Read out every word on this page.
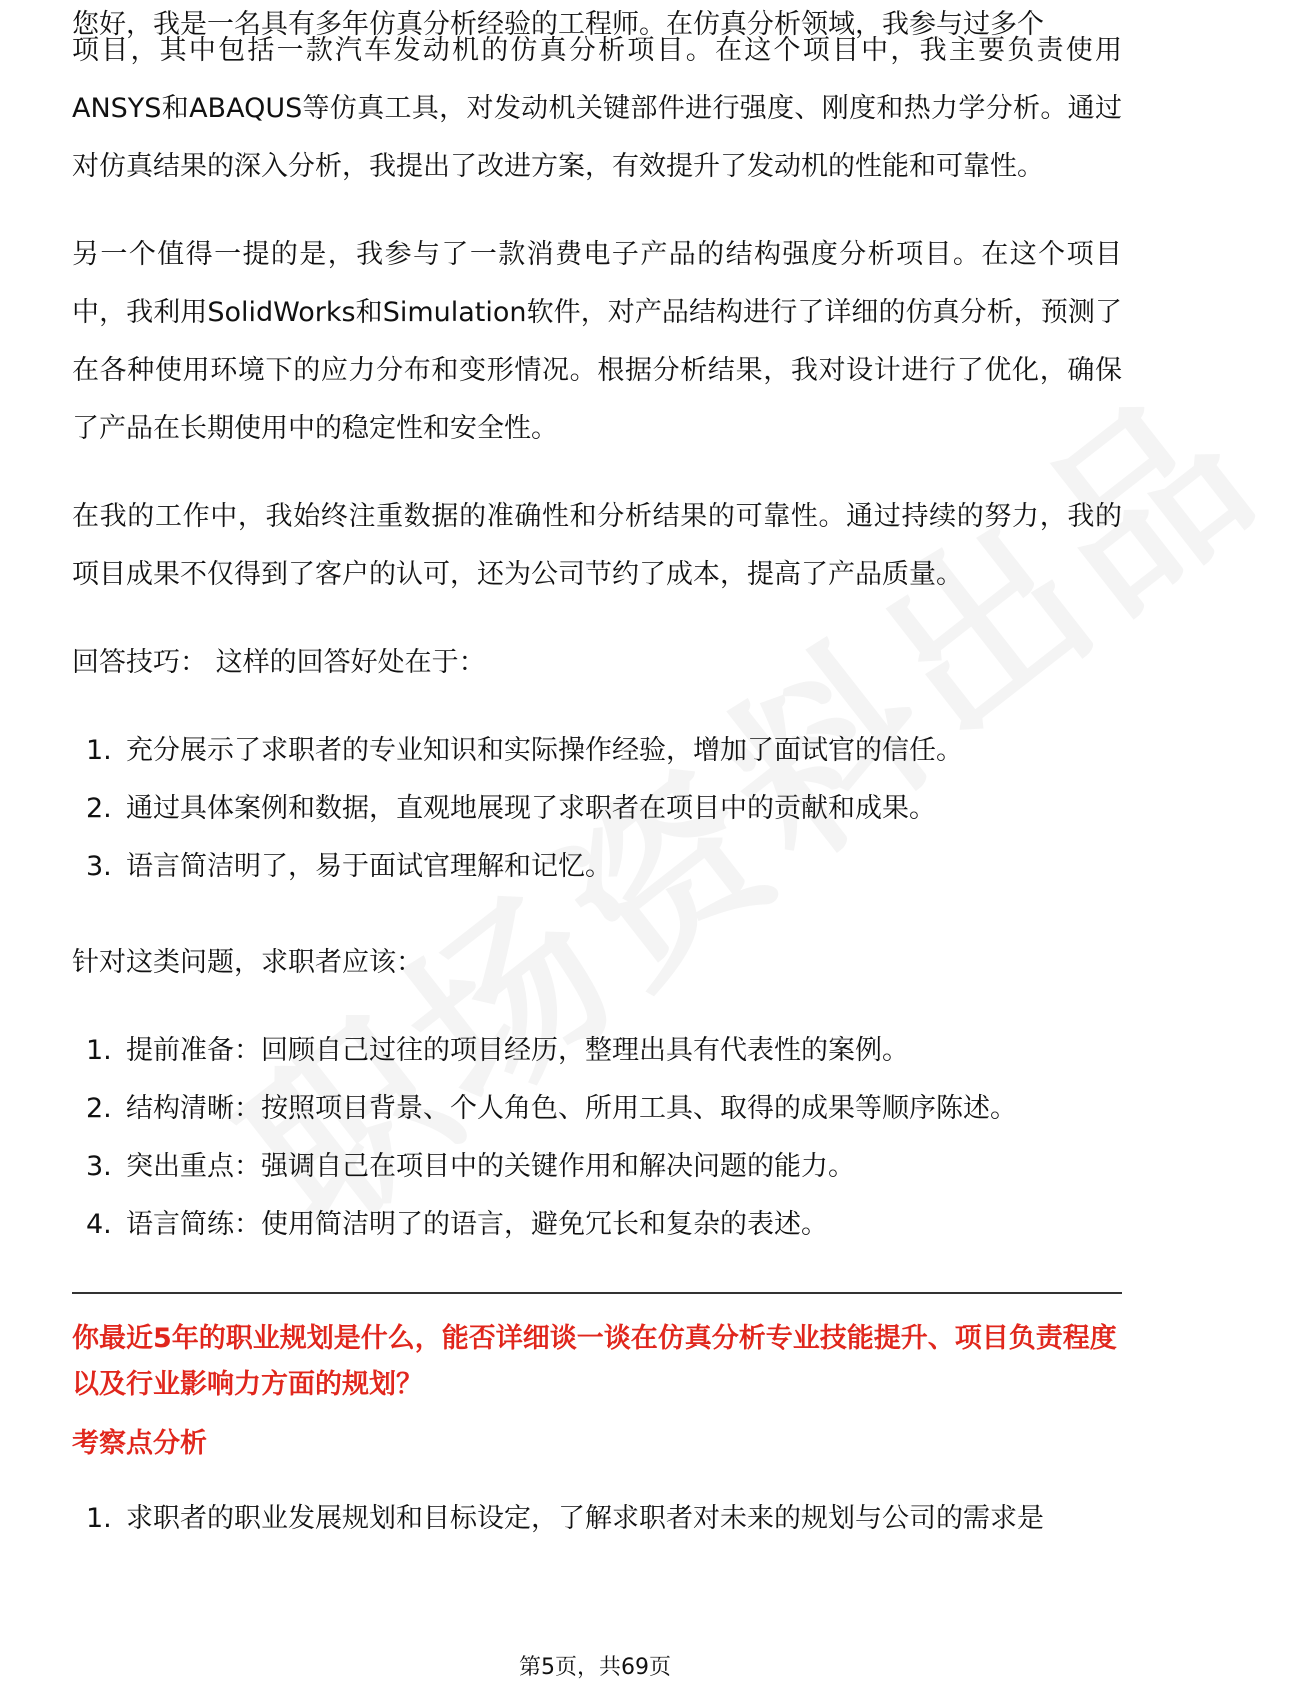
您好，我是一名具有多年仿真分析经验的工程师。在仿真分析领域，我参与过多个

项目，其中包括一款汽车发动机的仿真分析项目。在这个项目中，我主要负责使用ANSYS和ABAQUS等仿真工具，对发动机关键部件进行强度、刚度和热力学分析。通过对仿真结果的深入分析，我提出了改进方案，有效提升了发动机的性能和可靠性。

另一个值得一提的是，我参与了一款消费电子产品的结构强度分析项目。在这个项目中，我利用SolidWorks和Simulation软件，对产品结构进行了详细的仿真分析，预测了在各种使用环境下的应力分布和变形情况。根据分析结果，我对设计进行了优化，确保了产品在长期使用中的稳定性和安全性。

在我的工作中，我始终注重数据的准确性和分析结果的可靠性。通过持续的努力，我的项目成果不仅得到了客户的认可，还为公司节约了成本，提高了产品质量。

回答技巧： 这样的回答好处在于：

1. 充分展示了求职者的专业知识和实际操作经验，增加了面试官的信任。
2. 通过具体案例和数据，直观地展现了求职者在项目中的贡献和成果。
3. 语言简洁明了，易于面试官理解和记忆。

针对这类问题，求职者应该：

1. 提前准备：回顾自己过往的项目经历，整理出具有代表性的案例。
2. 结构清晰：按照项目背景、个人角色、所用工具、取得的成果等顺序陈述。
3. 突出重点：强调自己在项目中的关键作用和解决问题的能力。
4. 语言简练：使用简洁明了的语言，避免冗长和复杂的表述。
你最近5年的职业规划是什么，能否详细谈一谈在仿真分析专业技能提升、项目负责程度以及行业影响力方面的规划？
考察点分析
1. 求职者的职业发展规划和目标设定，了解求职者对未来的规划与公司的需求是
第5页，共69页
